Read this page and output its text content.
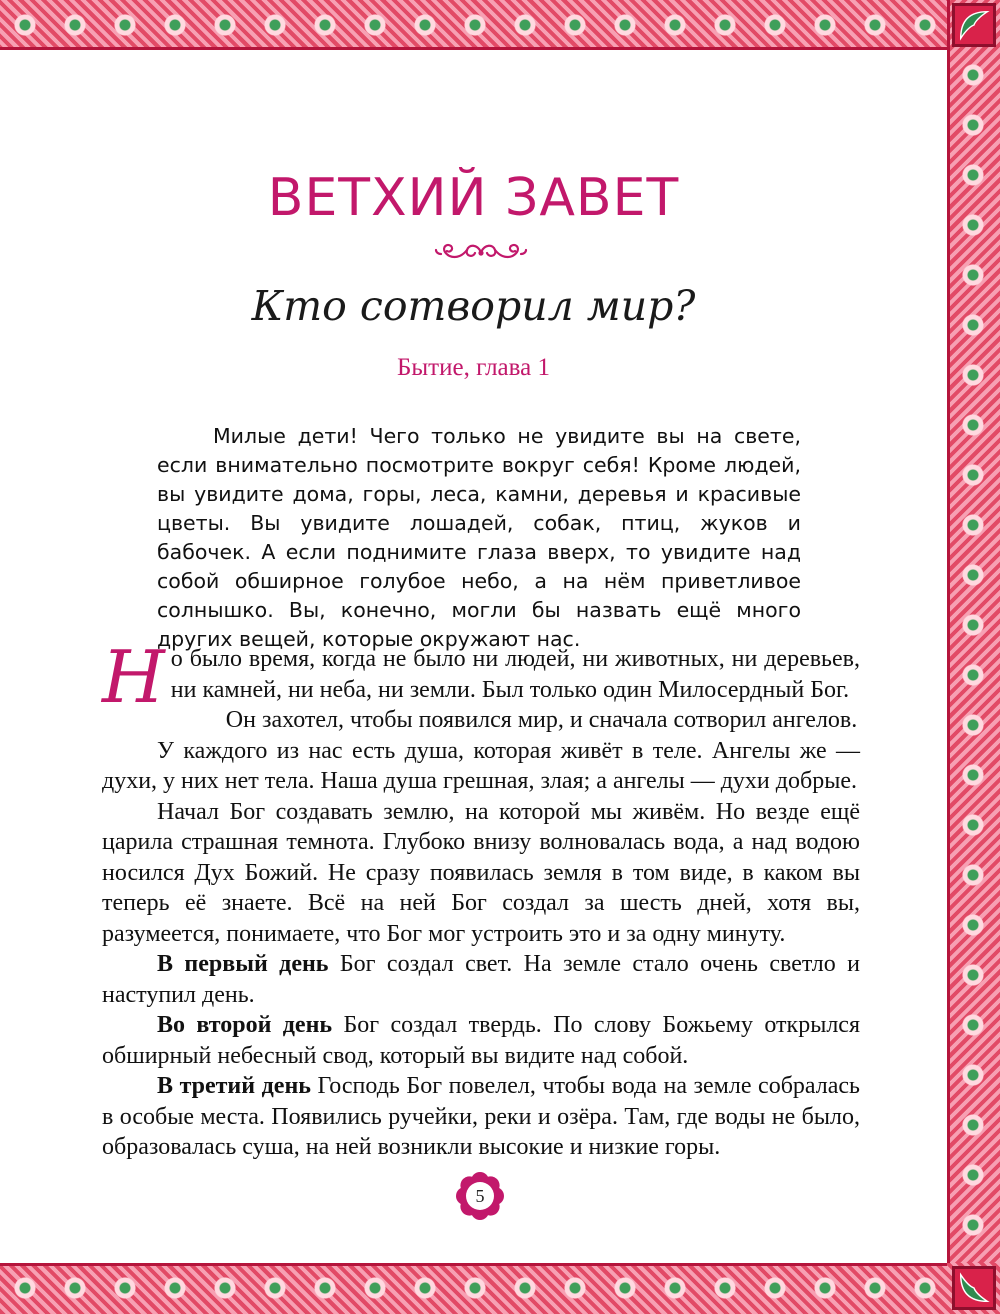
ВЕТХИЙ ЗАВЕТ
Кто сотворил мир?
Бытие, глава 1

Милые дети! Чего только не увидите вы на свете, если внимательно посмотрите вокруг себя! Кроме людей, вы увидите дома, горы, леса, камни, деревья и красивые цветы. Вы увидите лошадей, собак, птиц, жуков и бабочек. А если поднимите глаза вверх, то увидите над собой обширное голубое небо, а на нём приветливое солнышко. Вы, конечно, могли бы назвать ещё много других вещей, которые окружают нас.

Но было время, когда не было ни людей, ни животных, ни деревьев, ни камней, ни неба, ни земли. Был только один Милосердный Бог.

Он захотел, чтобы появился мир, и сначала сотворил ангелов.

У каждого из нас есть душа, которая живёт в теле. Ангелы же — духи, у них нет тела. Наша душа грешная, злая; а ангелы — духи добрые.

Начал Бог создавать землю, на которой мы живём. Но везде ещё царила страшная темнота. Глубоко внизу волновалась вода, а над водою носился Дух Божий. Не сразу появилась земля в том виде, в каком вы теперь её знаете. Всё на ней Бог создал за шесть дней, хотя вы, разумеется, понимаете, что Бог мог устроить это и за одну минуту.

В первый день Бог создал свет. На земле стало очень светло и наступил день.

Во второй день Бог создал твердь. По слову Божьему открылся обширный небесный свод, который вы видите над собой.

В третий день Господь Бог повелел, чтобы вода на земле собралась в особые места. Появились ручейки, реки и озёра. Там, где воды не было, образовалась суша, на ней возникли высокие и низкие горы.

5
